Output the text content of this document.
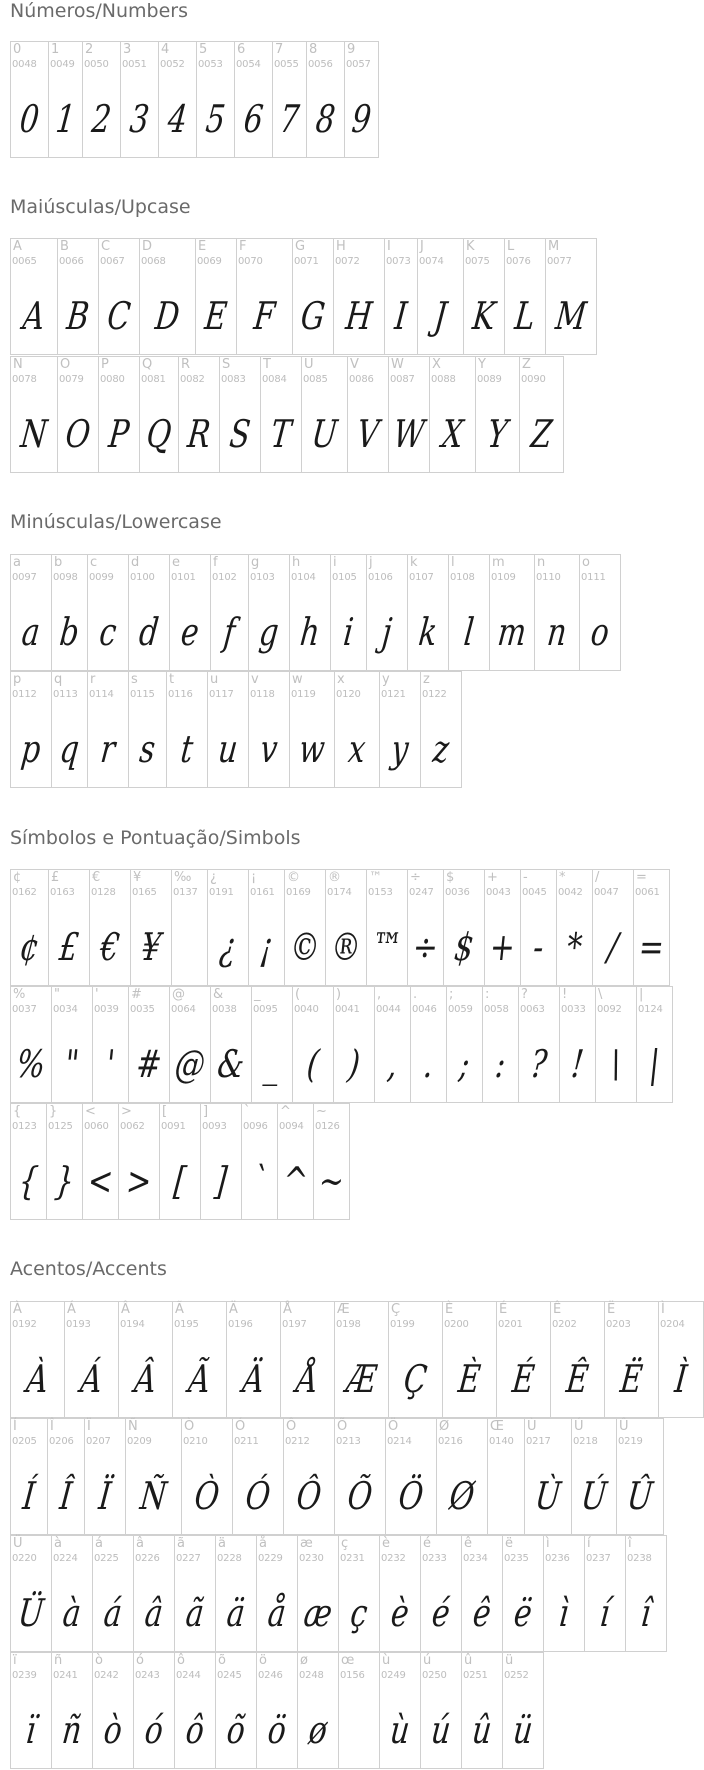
Números/Numbers
0
0048
0
1
0049
1
2
0050
2
3
0051
3
4
0052
4
5
0053
5
6
0054
6
7
0055
7
8
0056
8
9
0057
9
Maiúsculas/Upcase
A
0065
A
B
0066
B
C
0067
C
D
0068
D
E
0069
E
F
0070
F
G
0071
G
H
0072
H
I
0073
I
J
0074
J
K
0075
K
L
0076
L
M
0077
M
N
0078
N
O
0079
O
P
0080
P
Q
0081
Q
R
0082
R
S
0083
S
T
0084
T
U
0085
U
V
0086
V
W
0087
W
X
0088
X
Y
0089
Y
Z
0090
Z
Minúsculas/Lowercase
a
0097
a
b
0098
b
c
0099
c
d
0100
d
e
0101
e
f
0102
f
g
0103
g
h
0104
h
i
0105
i
j
0106
j
k
0107
k
l
0108
l
m
0109
m
n
0110
n
o
0111
o
p
0112
p
q
0113
q
r
0114
r
s
0115
s
t
0116
t
u
0117
u
v
0118
v
w
0119
w
x
0120
x
y
0121
y
z
0122
z
Símbolos e Pontuação/Simbols
¢
0162
¢
£
0163
£
€
0128
€
¥
0165
¥
‰
0137
¿
0191
¿
¡
0161
¡
©
0169
©
®
0174
®
™
0153
™
÷
0247
÷
$
0036
$
+
0043
+
-
0045
-
*
0042
*
/
0047
/
=
0061
=
%
0037
%
"
0034
"
'
0039
'
#
0035
#
@
0064
@
&
0038
&
_
0095
_
(
0040
(
)
0041
)
,
0044
,
.
0046
.
;
0059
;
:
0058
:
?
0063
?
!
0033
!
\
0092
\
|
0124
|
{
0123
{
}
0125
}
<
0060
<
>
0062
>
[
0091
[
]
0093
]
`
0096
`
^
0094
^
~
0126
~
Acentos/Accents
À
0192
À
Á
0193
Á
Â
0194
Â
Ã
0195
Ã
Ä
0196
Ä
Å
0197
Å
Æ
0198
Æ
Ç
0199
Ç
È
0200
È
É
0201
É
Ê
0202
Ê
Ë
0203
Ë
Ì
0204
Ì
Í
0205
Í
Î
0206
Î
Ï
0207
Ï
Ñ
0209
Ñ
Ò
0210
Ò
Ó
0211
Ó
Ô
0212
Ô
Õ
0213
Õ
Ö
0214
Ö
Ø
0216
Ø
Œ
0140
Ù
0217
Ù
Ú
0218
Ú
Û
0219
Û
Ü
0220
Ü
à
0224
à
á
0225
á
â
0226
â
ã
0227
ã
ä
0228
ä
å
0229
å
æ
0230
æ
ç
0231
ç
è
0232
è
é
0233
é
ê
0234
ê
ë
0235
ë
ì
0236
ì
í
0237
í
î
0238
î
ï
0239
ï
ñ
0241
ñ
ò
0242
ò
ó
0243
ó
ô
0244
ô
õ
0245
õ
ö
0246
ö
ø
0248
ø
œ
0156
ù
0249
ù
ú
0250
ú
û
0251
û
ü
0252
ü
